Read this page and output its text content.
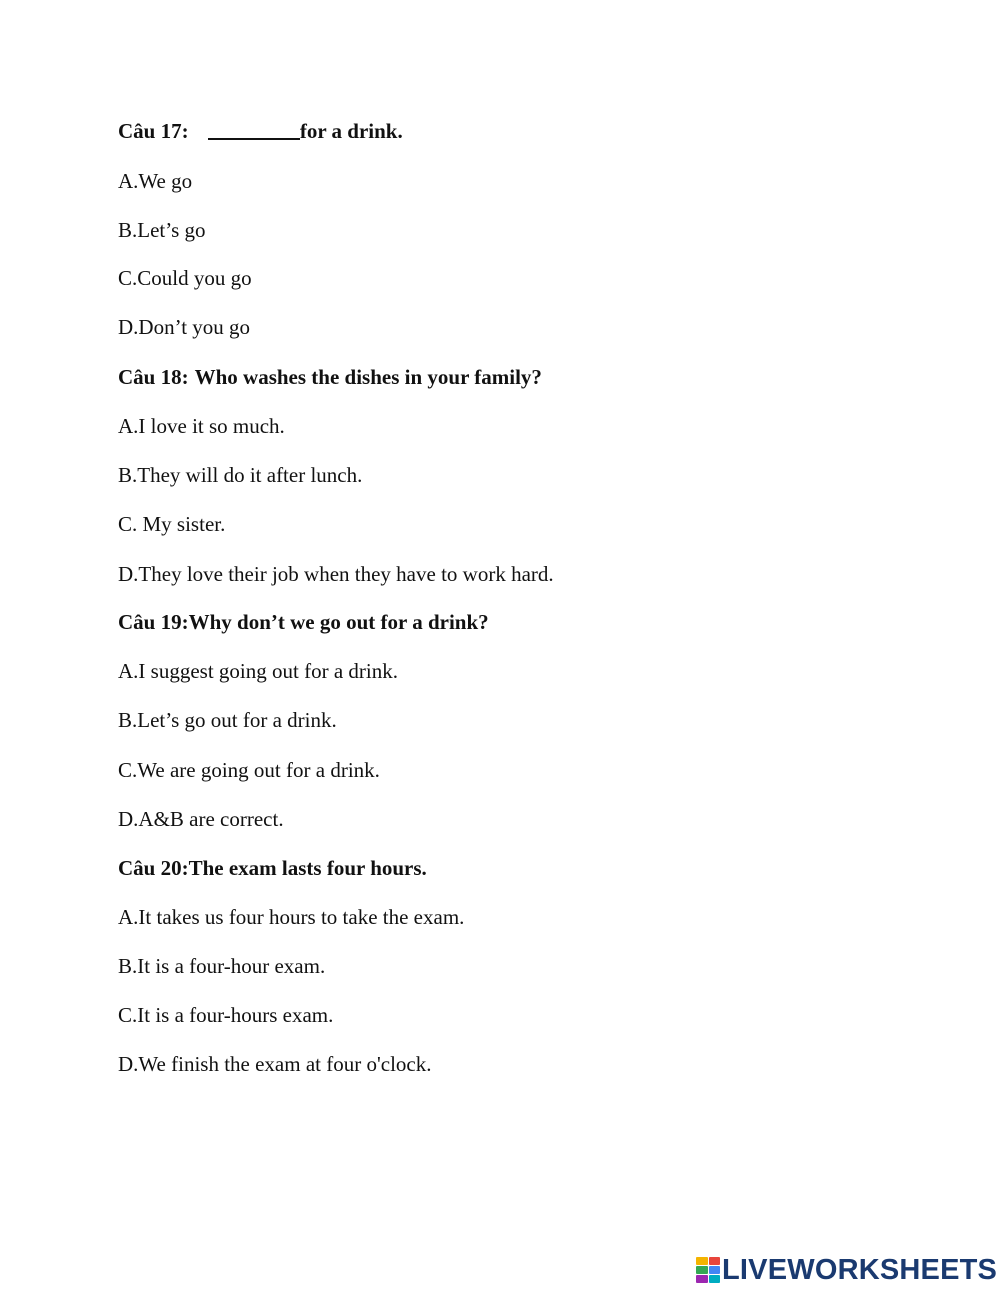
Câu 17:	for a drink.
A.We go
B.Let’s go
C.Could you go
D.Don’t you go
Câu 18: Who washes the dishes in your family?
A.I love it so much.
B.They will do it after lunch.
C. My sister.
D.They love their job when they have to work hard.
Câu 19:Why don’t we go out for a drink?
A.I suggest going out for a drink.
B.Let’s go out for a drink.
C.We are going out for a drink.
D.A&B are correct.
Câu 20:The exam lasts four hours.
A.It takes us four hours to take the exam.
B.It is a four-hour exam.
C.It is a four-hours exam.
D.We finish the exam at four o'clock.
LIVEWORKSHEETS
